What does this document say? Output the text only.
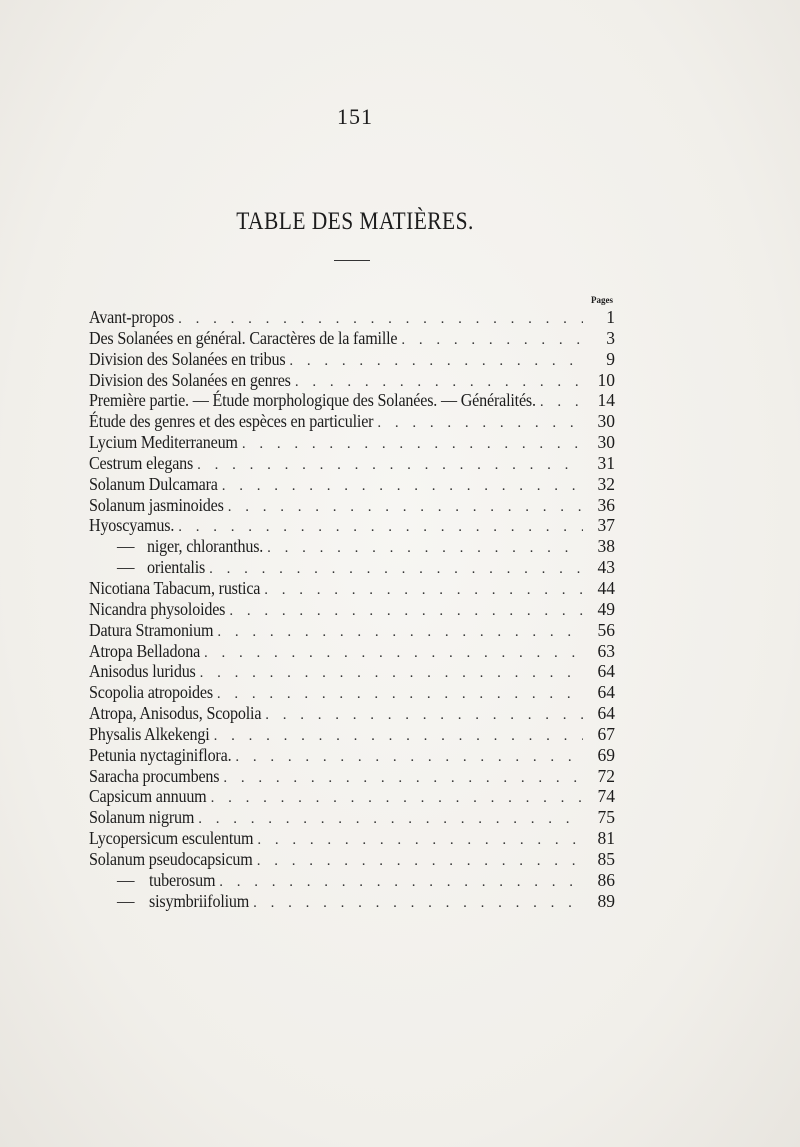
151
TABLE DES MATIÈRES.
Pages
Avant-propos . . .	1
Des Solanées en général. Caractères de la famille . . .	3
Division des Solanées en tribus . . .	9
Division des Solanées en genres . . .	10
Première partie. — Étude morphologique des Solanées. — Généralités. . . .	14
Étude des genres et des espèces en particulier . . .	30
Lycium Mediterraneum . . .	30
Cestrum elegans . . .	31
Solanum Dulcamara . . .	32
Solanum jasminoides . . .	36
Hyoscyamus. . . .	37
— niger, chloranthus. . . .	38
— orientalis . . .	43
Nicotiana Tabacum, rustica . . .	44
Nicandra physoloides . . .	49
Datura Stramonium . . .	56
Atropa Belladona . . .	63
Anisodus luridus . . .	64
Scopolia atropoides . . .	64
Atropa, Anisodus, Scopolia . . .	64
Physalis Alkekengi . . .	67
Petunia nyctaginiflora. . . .	69
Saracha procumbens . . .	72
Capsicum annuum . . .	74
Solanum nigrum . . .	75
Lycopersicum esculentum . . .	81
Solanum pseudocapsicum . . .	85
— tuberosum . . .	86
— sisymbriifolium . . .	89
